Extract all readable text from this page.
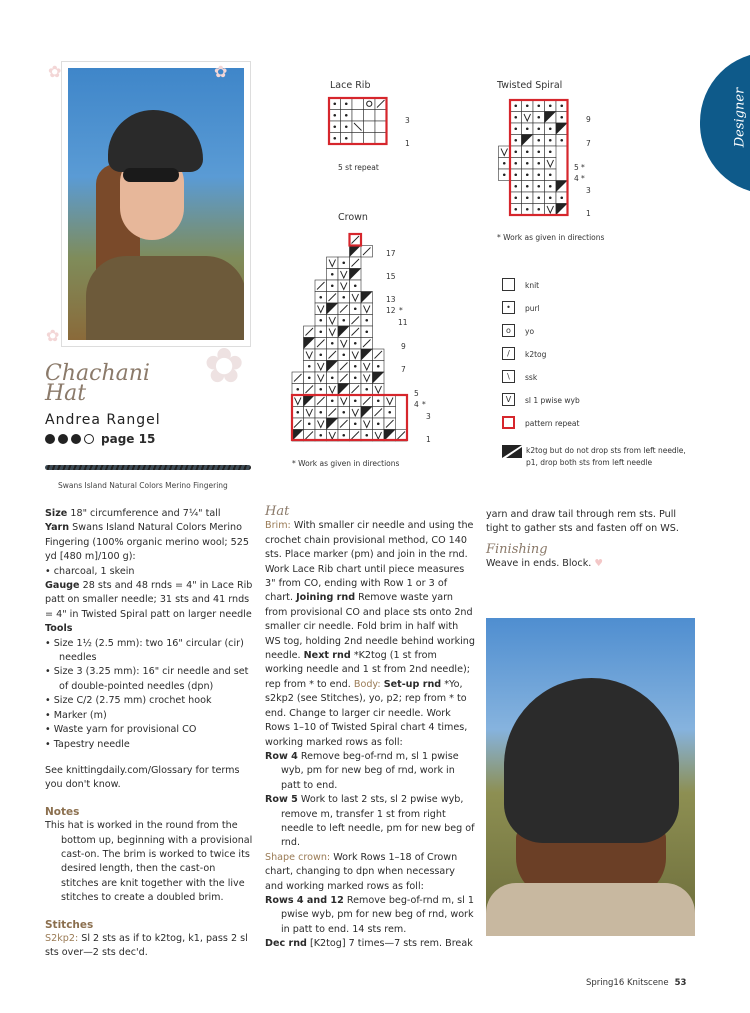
✿	✿
✿
✿
Designer
Chachani
Hat
Andrea Rangel
page 15
Swans Island Natural Colors Merino Fingering
Lace Rib
3
1
5 st repeat
Twisted Spiral
9
7
5 *
4 *
3
1
* Work as given in directions
Crown
17
15
13
12 *
11
9
7
5
4 *
3
1
* Work as given in directions
knit
•	purl
o	yo
/	k2tog
\	ssk
V	sl 1 pwise wyb
pattern repeat
k2tog but do not drop sts from left needle, p1, drop both sts from left needle
Size 18" circumference and 7¼" tall
Yarn Swans Island Natural Colors Merino Fingering (100% organic merino wool; 525 yd [480 m]/100 g):
• charcoal, 1 skein
Gauge 28 sts and 48 rnds = 4" in Lace Rib patt on smaller needle; 31 sts and 41 rnds = 4" in Twisted Spiral patt on larger needle
Tools
• Size 1½ (2.5 mm): two 16" circular (cir) needles
• Size 3 (3.25 mm): 16" cir needle and set of double-pointed needles (dpn)
• Size C/2 (2.75 mm) crochet hook
• Marker (m)
• Waste yarn for provisional CO
• Tapestry needle
See knittingdaily.com/Glossary for terms you don't know.
Notes
This hat is worked in the round from the bottom up, beginning with a provisional cast-on. The brim is worked to twice its desired length, then the cast-on stitches are knit together with the live stitches to create a doubled brim.
Stitches
S2kp2: Sl 2 sts as if to k2tog, k1, pass 2 sl sts over—2 sts dec'd.
Hat
Brim: With smaller cir needle and using the crochet chain provisional method, CO 140 sts. Place marker (pm) and join in the rnd. Work Lace Rib chart until piece measures 3" from CO, ending with Row 1 or 3 of chart. Joining rnd Remove waste yarn from provisional CO and place sts onto 2nd smaller cir needle. Fold brim in half with WS tog, holding 2nd needle behind working needle. Next rnd *K2tog (1 st from working needle and 1 st from 2nd needle); rep from * to end. Body: Set-up rnd *Yo, s2kp2 (see Stitches), yo, p2; rep from * to end. Change to larger cir needle. Work Rows 1–10 of Twisted Spiral chart 4 times, working marked rows as foll:
Row 4 Remove beg-of-rnd m, sl 1 pwise wyb, pm for new beg of rnd, work in patt to end.
Row 5 Work to last 2 sts, sl 2 pwise wyb, remove m, transfer 1 st from right needle to left needle, pm for new beg of rnd.
Shape crown: Work Rows 1–18 of Crown chart, changing to dpn when necessary and working marked rows as foll:
Rows 4 and 12 Remove beg-of-rnd m, sl 1 pwise wyb, pm for new beg of rnd, work in patt to end. 14 sts rem.
Dec rnd [K2tog] 7 times—7 sts rem. Break
yarn and draw tail through rem sts. Pull tight to gather sts and fasten off on WS.
Finishing
Weave in ends. Block. ♥
Spring16 Knitscene 53
